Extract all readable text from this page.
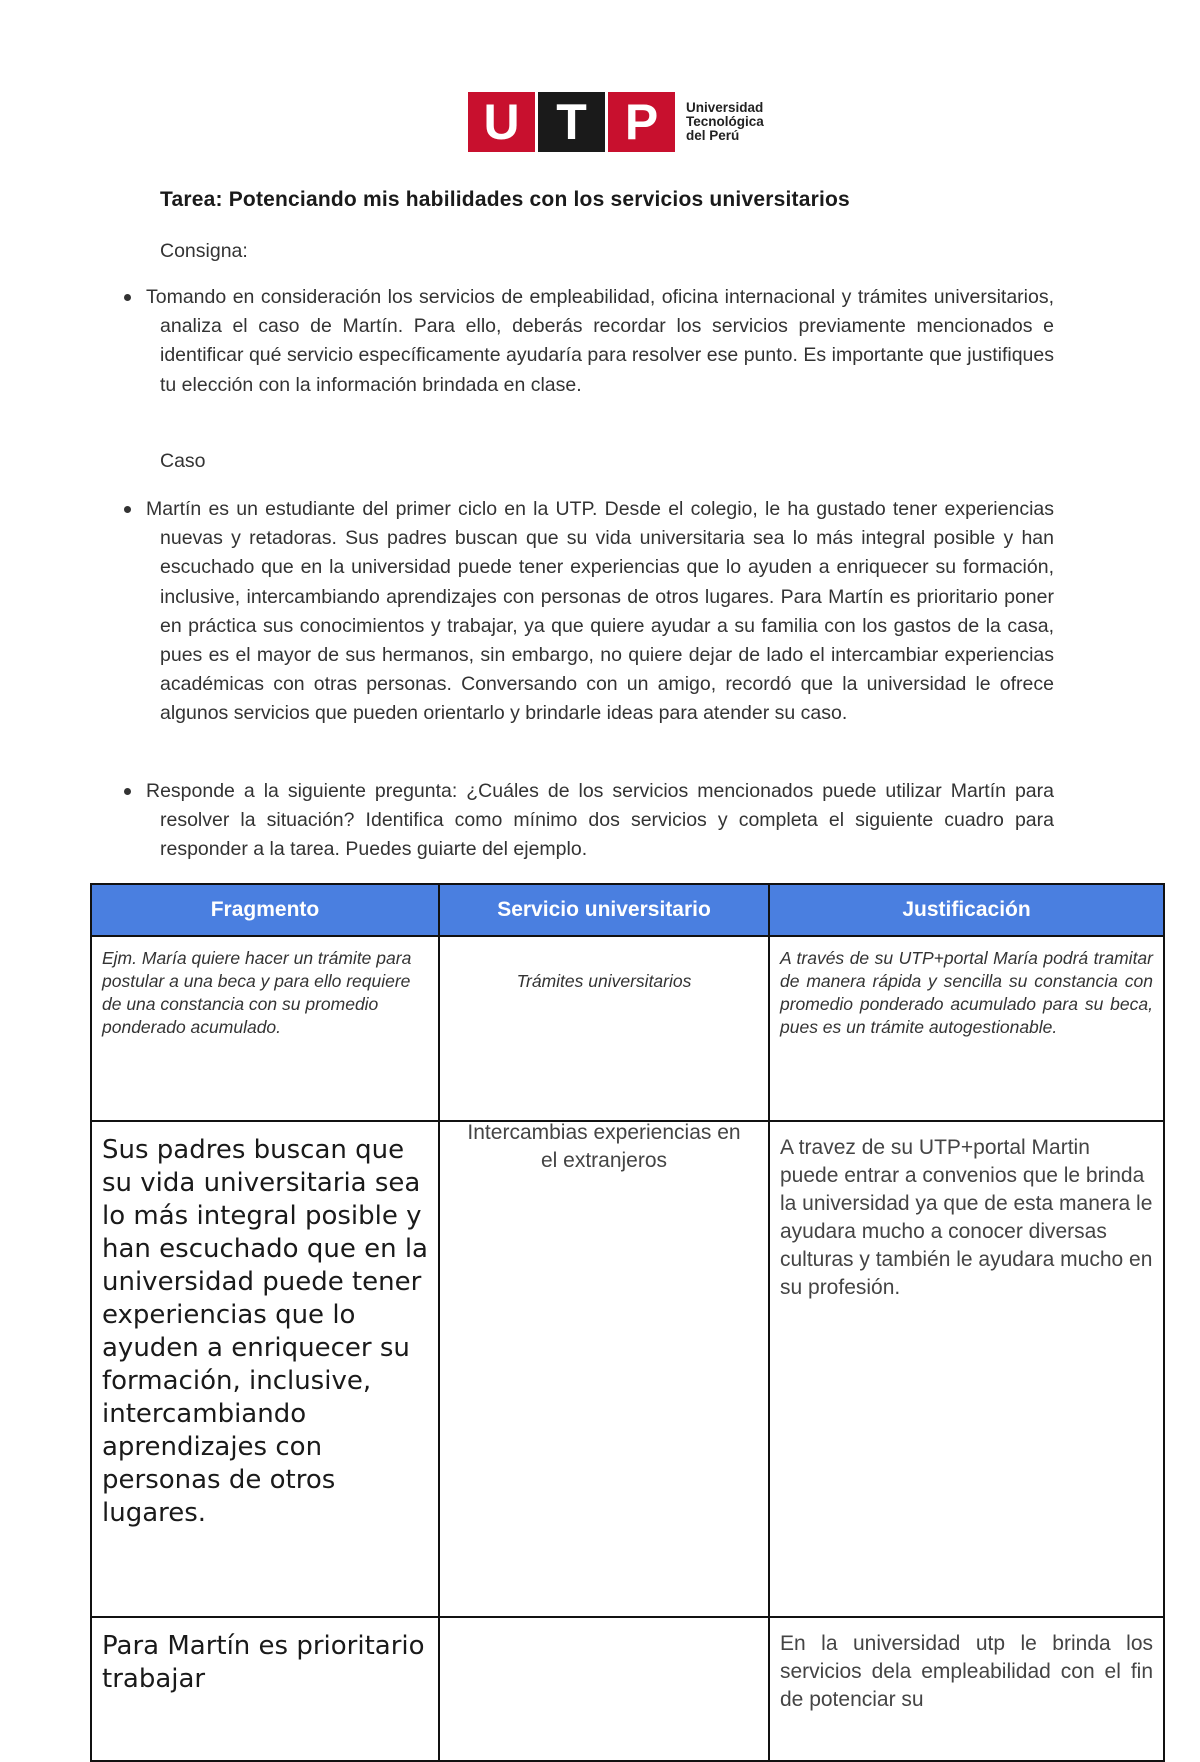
U T P	Universidad
Tecnológica
del Perú
Tarea: Potenciando mis habilidades con los servicios universitarios
Consigna:
Tomando en consideración los servicios de empleabilidad, oficina internacional y trámites universitarios, analiza el caso de Martín. Para ello, deberás recordar los servicios previamente mencionados e identificar qué servicio específicamente ayudaría para resolver ese punto. Es importante que justifiques tu elección con la información brindada en clase.
Caso
Martín es un estudiante del primer ciclo en la UTP. Desde el colegio, le ha gustado tener experiencias nuevas y retadoras. Sus padres buscan que su vida universitaria sea lo más integral posible y han escuchado que en la universidad puede tener experiencias que lo ayuden a enriquecer su formación, inclusive, intercambiando aprendizajes con personas de otros lugares. Para Martín es prioritario poner en práctica sus conocimientos y trabajar, ya que quiere ayudar a su familia con los gastos de la casa, pues es el mayor de sus hermanos, sin embargo, no quiere dejar de lado el intercambiar experiencias académicas con otras personas. Conversando con un amigo, recordó que la universidad le ofrece algunos servicios que pueden orientarlo y brindarle ideas para atender su caso.
Responde a la siguiente pregunta: ¿Cuáles de los servicios mencionados puede utilizar Martín para resolver la situación? Identifica como mínimo dos servicios y completa el siguiente cuadro para responder a la tarea. Puedes guiarte del ejemplo.
Fragmento	Servicio universitario	Justificación
Ejm. María quiere hacer un trámite para postular a una beca y para ello requiere de una constancia con su promedio ponderado acumulado.	Trámites universitarios	A través de su UTP+portal María podrá tramitar de manera rápida y sencilla su constancia con promedio ponderado acumulado para su beca, pues es un trámite autogestionable.
Sus padres buscan que su vida universitaria sea lo más integral posible y han escuchado que en la universidad puede tener experiencias que lo ayuden a enriquecer su formación, inclusive, intercambiando aprendizajes con personas de otros lugares.	Intercambias experiencias en el extranjeros	A travez de su UTP+portal Martin puede entrar a convenios que le brinda la universidad ya que de esta manera le ayudara mucho a conocer diversas culturas y también le ayudara mucho en su profesión.
Para Martín es prioritario trabajar		En la universidad utp le brinda los servicios dela empleabilidad con el fin de potenciar su
